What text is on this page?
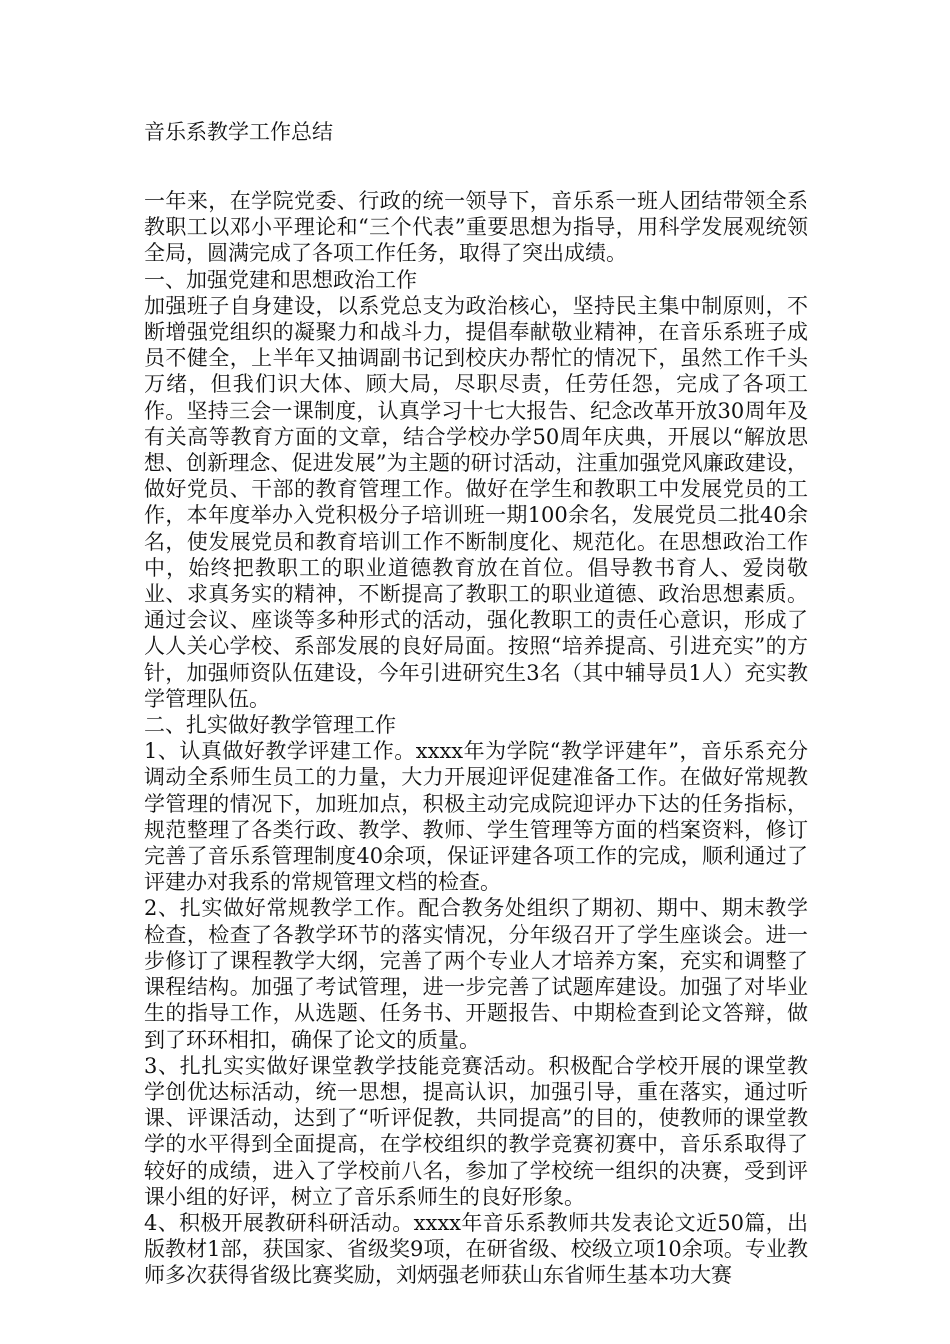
音乐系教学工作总结

一年来，在学院党委、行政的统一领导下，音乐系一班人团结带领全系教职工以邓小平理论和“三个代表”重要思想为指导，用科学发展观统领全局，圆满完成了各项工作任务，取得了突出成绩。

一、加强党建和思想政治工作

加强班子自身建设，以系党总支为政治核心，坚持民主集中制原则，不断增强党组织的凝聚力和战斗力，提倡奉献敬业精神，在音乐系班子成员不健全，上半年又抽调副书记到校庆办帮忙的情况下，虽然工作千头万绪，但我们识大体、顾大局，尽职尽责，任劳任怨，完成了各项工作。坚持三会一课制度，认真学习十七大报告、纪念改革开放30周年及有关高等教育方面的文章，结合学校办学50周年庆典，开展以“解放思想、创新理念、促进发展”为主题的研讨活动，注重加强党风廉政建设，做好党员、干部的教育管理工作。做好在学生和教职工中发展党员的工作，本年度举办入党积极分子培训班一期100余名，发展党员二批40余名，使发展党员和教育培训工作不断制度化、规范化。在思想政治工作中，始终把教职工的职业道德教育放在首位。倡导教书育人、爱岗敬业、求真务实的精神，不断提高了教职工的职业道德、政治思想素质。通过会议、座谈等多种形式的活动，强化教职工的责任心意识，形成了人人关心学校、系部发展的良好局面。按照“培养提高、引进充实”的方针，加强师资队伍建设，今年引进研究生3名（其中辅导员1人）充实教学管理队伍。

二、扎实做好教学管理工作

1、认真做好教学评建工作。xxxx年为学院“教学评建年”，音乐系充分调动全系师生员工的力量，大力开展迎评促建准备工作。在做好常规教学管理的情况下，加班加点，积极主动完成院迎评办下达的任务指标，规范整理了各类行政、教学、教师、学生管理等方面的档案资料，修订完善了音乐系管理制度40余项，保证评建各项工作的完成，顺利通过了评建办对我系的常规管理文档的检查。

2、扎实做好常规教学工作。配合教务处组织了期初、期中、期末教学检查，检查了各教学环节的落实情况，分年级召开了学生座谈会。进一步修订了课程教学大纲，完善了两个专业人才培养方案，充实和调整了课程结构。加强了考试管理，进一步完善了试题库建设。加强了对毕业生的指导工作，从选题、任务书、开题报告、中期检查到论文答辩，做到了环环相扣，确保了论文的质量。

3、扎扎实实做好课堂教学技能竞赛活动。积极配合学校开展的课堂教学创优达标活动，统一思想，提高认识，加强引导，重在落实，通过听课、评课活动，达到了“听评促教，共同提高”的目的，使教师的课堂教学的水平得到全面提高，在学校组织的教学竞赛初赛中，音乐系取得了较好的成绩，进入了学校前八名，参加了学校统一组织的决赛，受到评课小组的好评，树立了音乐系师生的良好形象。

4、积极开展教研科研活动。xxxx年音乐系教师共发表论文近50篇，出版教材1部，获国家、省级奖9项，在研省级、校级立项10余项。专业教师多次获得省级比赛奖励，刘炳强老师获山东省师生基本功大赛
